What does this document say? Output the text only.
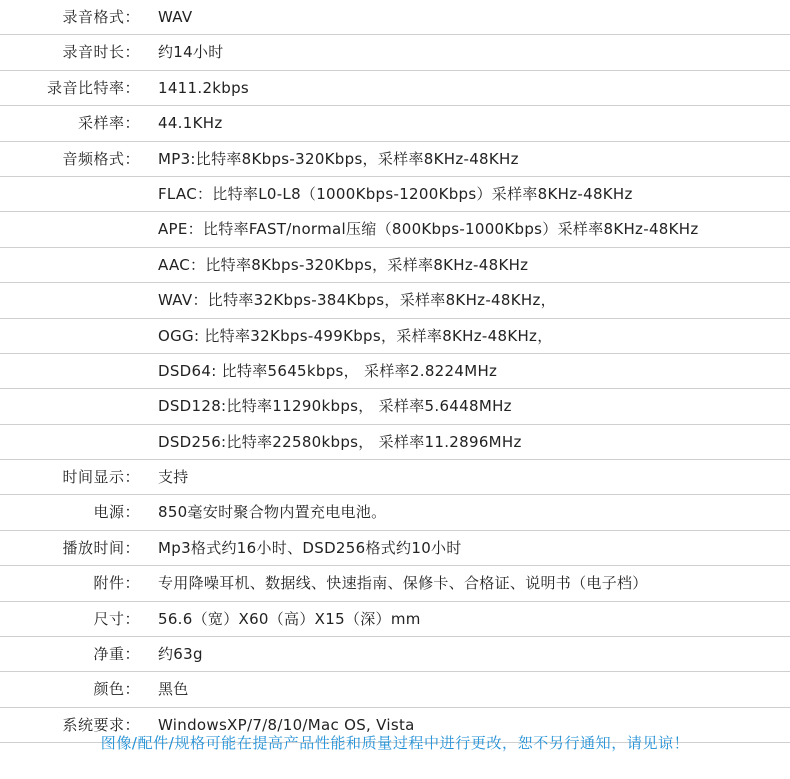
录音格式： WAV
录音时长： 约14小时
录音比特率： 1411.2kbps
采样率： 44.1KHz
音频格式： MP3:比特率8Kbps-320Kbps，采样率8KHz-48KHz
FLAC：比特率L0-L8（1000Kbps-1200Kbps）采样率8KHz-48KHz
APE：比特率FAST/normal压缩（800Kbps-1000Kbps）采样率8KHz-48KHz
AAC：比特率8Kbps-320Kbps，采样率8KHz-48KHz
WAV：比特率32Kbps-384Kbps，采样率8KHz-48KHz，
OGG: 比特率32Kbps-499Kbps，采样率8KHz-48KHz，
DSD64: 比特率5645kbps， 采样率2.8224MHz
DSD128:比特率11290kbps， 采样率5.6448MHz
DSD256:比特率22580kbps， 采样率11.2896MHz
时间显示： 支持
电源： 850毫安时聚合物内置充电电池。
播放时间： Mp3格式约16小时、DSD256格式约10小时
附件： 专用降噪耳机、数据线、快速指南、保修卡、合格证、说明书（电子档）
尺寸： 56.6（宽）X60（高）X15（深）mm
净重： 约63g
颜色： 黑色
系统要求： WindowsXP/7/8/10/Mac OS, Vista
图像/配件/规格可能在提高产品性能和质量过程中进行更改，恕不另行通知，请见谅！
